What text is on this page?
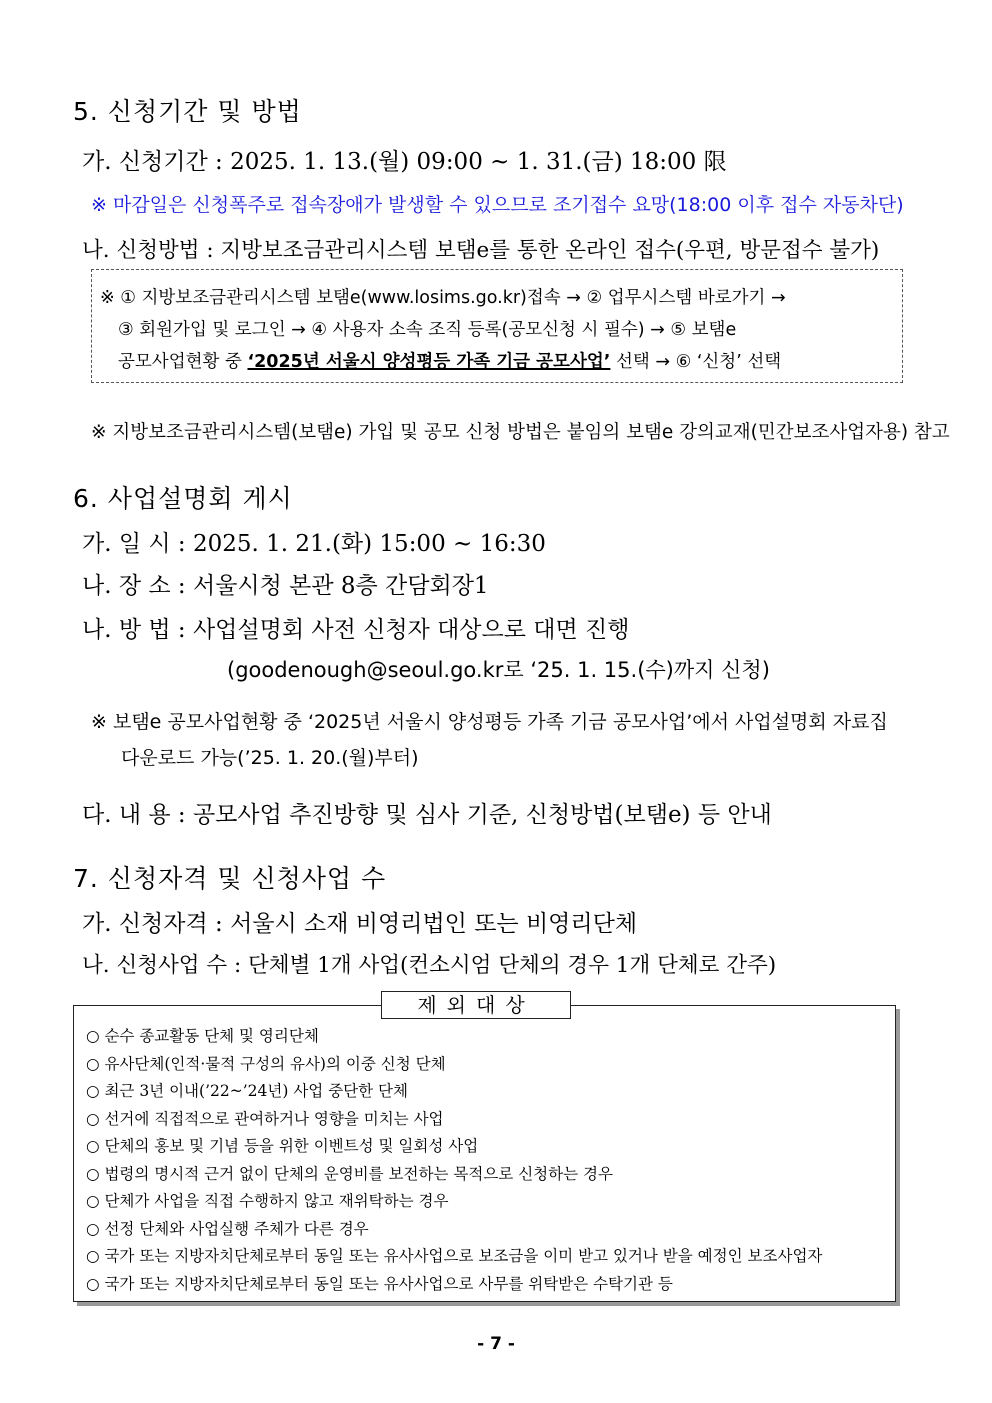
5. 신청기간 및 방법
가. 신청기간 : 2025. 1. 13.(월) 09:00 ~ 1. 31.(금) 18:00 限
※ 마감일은 신청폭주로 접속장애가 발생할 수 있으므로 조기접수 요망(18:00 이후 접수 자동차단)
나. 신청방법 : 지방보조금관리시스템 보탬e를 통한 온라인 접수(우편, 방문접수 불가)
※ ① 지방보조금관리시스템 보탬e(www.losims.go.kr)접속 → ② 업무시스템 바로가기 →
③ 회원가입 및 로그인 → ④ 사용자 소속 조직 등록(공모신청 시 필수) → ⑤ 보탬e
공모사업현황 중 ‘2025년 서울시 양성평등 가족 기금 공모사업’ 선택 → ⑥ ‘신청’ 선택
※ 지방보조금관리시스템(보탬e) 가입 및 공모 신청 방법은 붙임의 보탬e 강의교재(민간보조사업자용) 참고
6. 사업설명회 게시
가. 일 시 : 2025. 1. 21.(화) 15:00 ~ 16:30
나. 장 소 : 서울시청 본관 8층 간담회장1
나. 방 법 : 사업설명회 사전 신청자 대상으로 대면 진행
(goodenough@seoul.go.kr로 ‘25. 1. 15.(수)까지 신청)
※ 보탬e 공모사업현황 중 ‘2025년 서울시 양성평등 가족 기금 공모사업’에서 사업설명회 자료집
다운로드 가능(’25. 1. 20.(월)부터)
다. 내 용 : 공모사업 추진방향 및 심사 기준, 신청방법(보탬e) 등 안내
7. 신청자격 및 신청사업 수
가. 신청자격 : 서울시 소재 비영리법인 또는 비영리단체
나. 신청사업 수 : 단체별 1개 사업(컨소시엄 단체의 경우 1개 단체로 간주)
제외대상
○ 순수 종교활동 단체 및 영리단체
○ 유사단체(인적·물적 구성의 유사)의 이중 신청 단체
○ 최근 3년 이내(’22~’24년) 사업 중단한 단체
○ 선거에 직접적으로 관여하거나 영향을 미치는 사업
○ 단체의 홍보 및 기념 등을 위한 이벤트성 및 일회성 사업
○ 법령의 명시적 근거 없이 단체의 운영비를 보전하는 목적으로 신청하는 경우
○ 단체가 사업을 직접 수행하지 않고 재위탁하는 경우
○ 선정 단체와 사업실행 주체가 다른 경우
○ 국가 또는 지방자치단체로부터 동일 또는 유사사업으로 보조금을 이미 받고 있거나 받을 예정인 보조사업자
○ 국가 또는 지방자치단체로부터 동일 또는 유사사업으로 사무를 위탁받은 수탁기관 등
- 7 -
